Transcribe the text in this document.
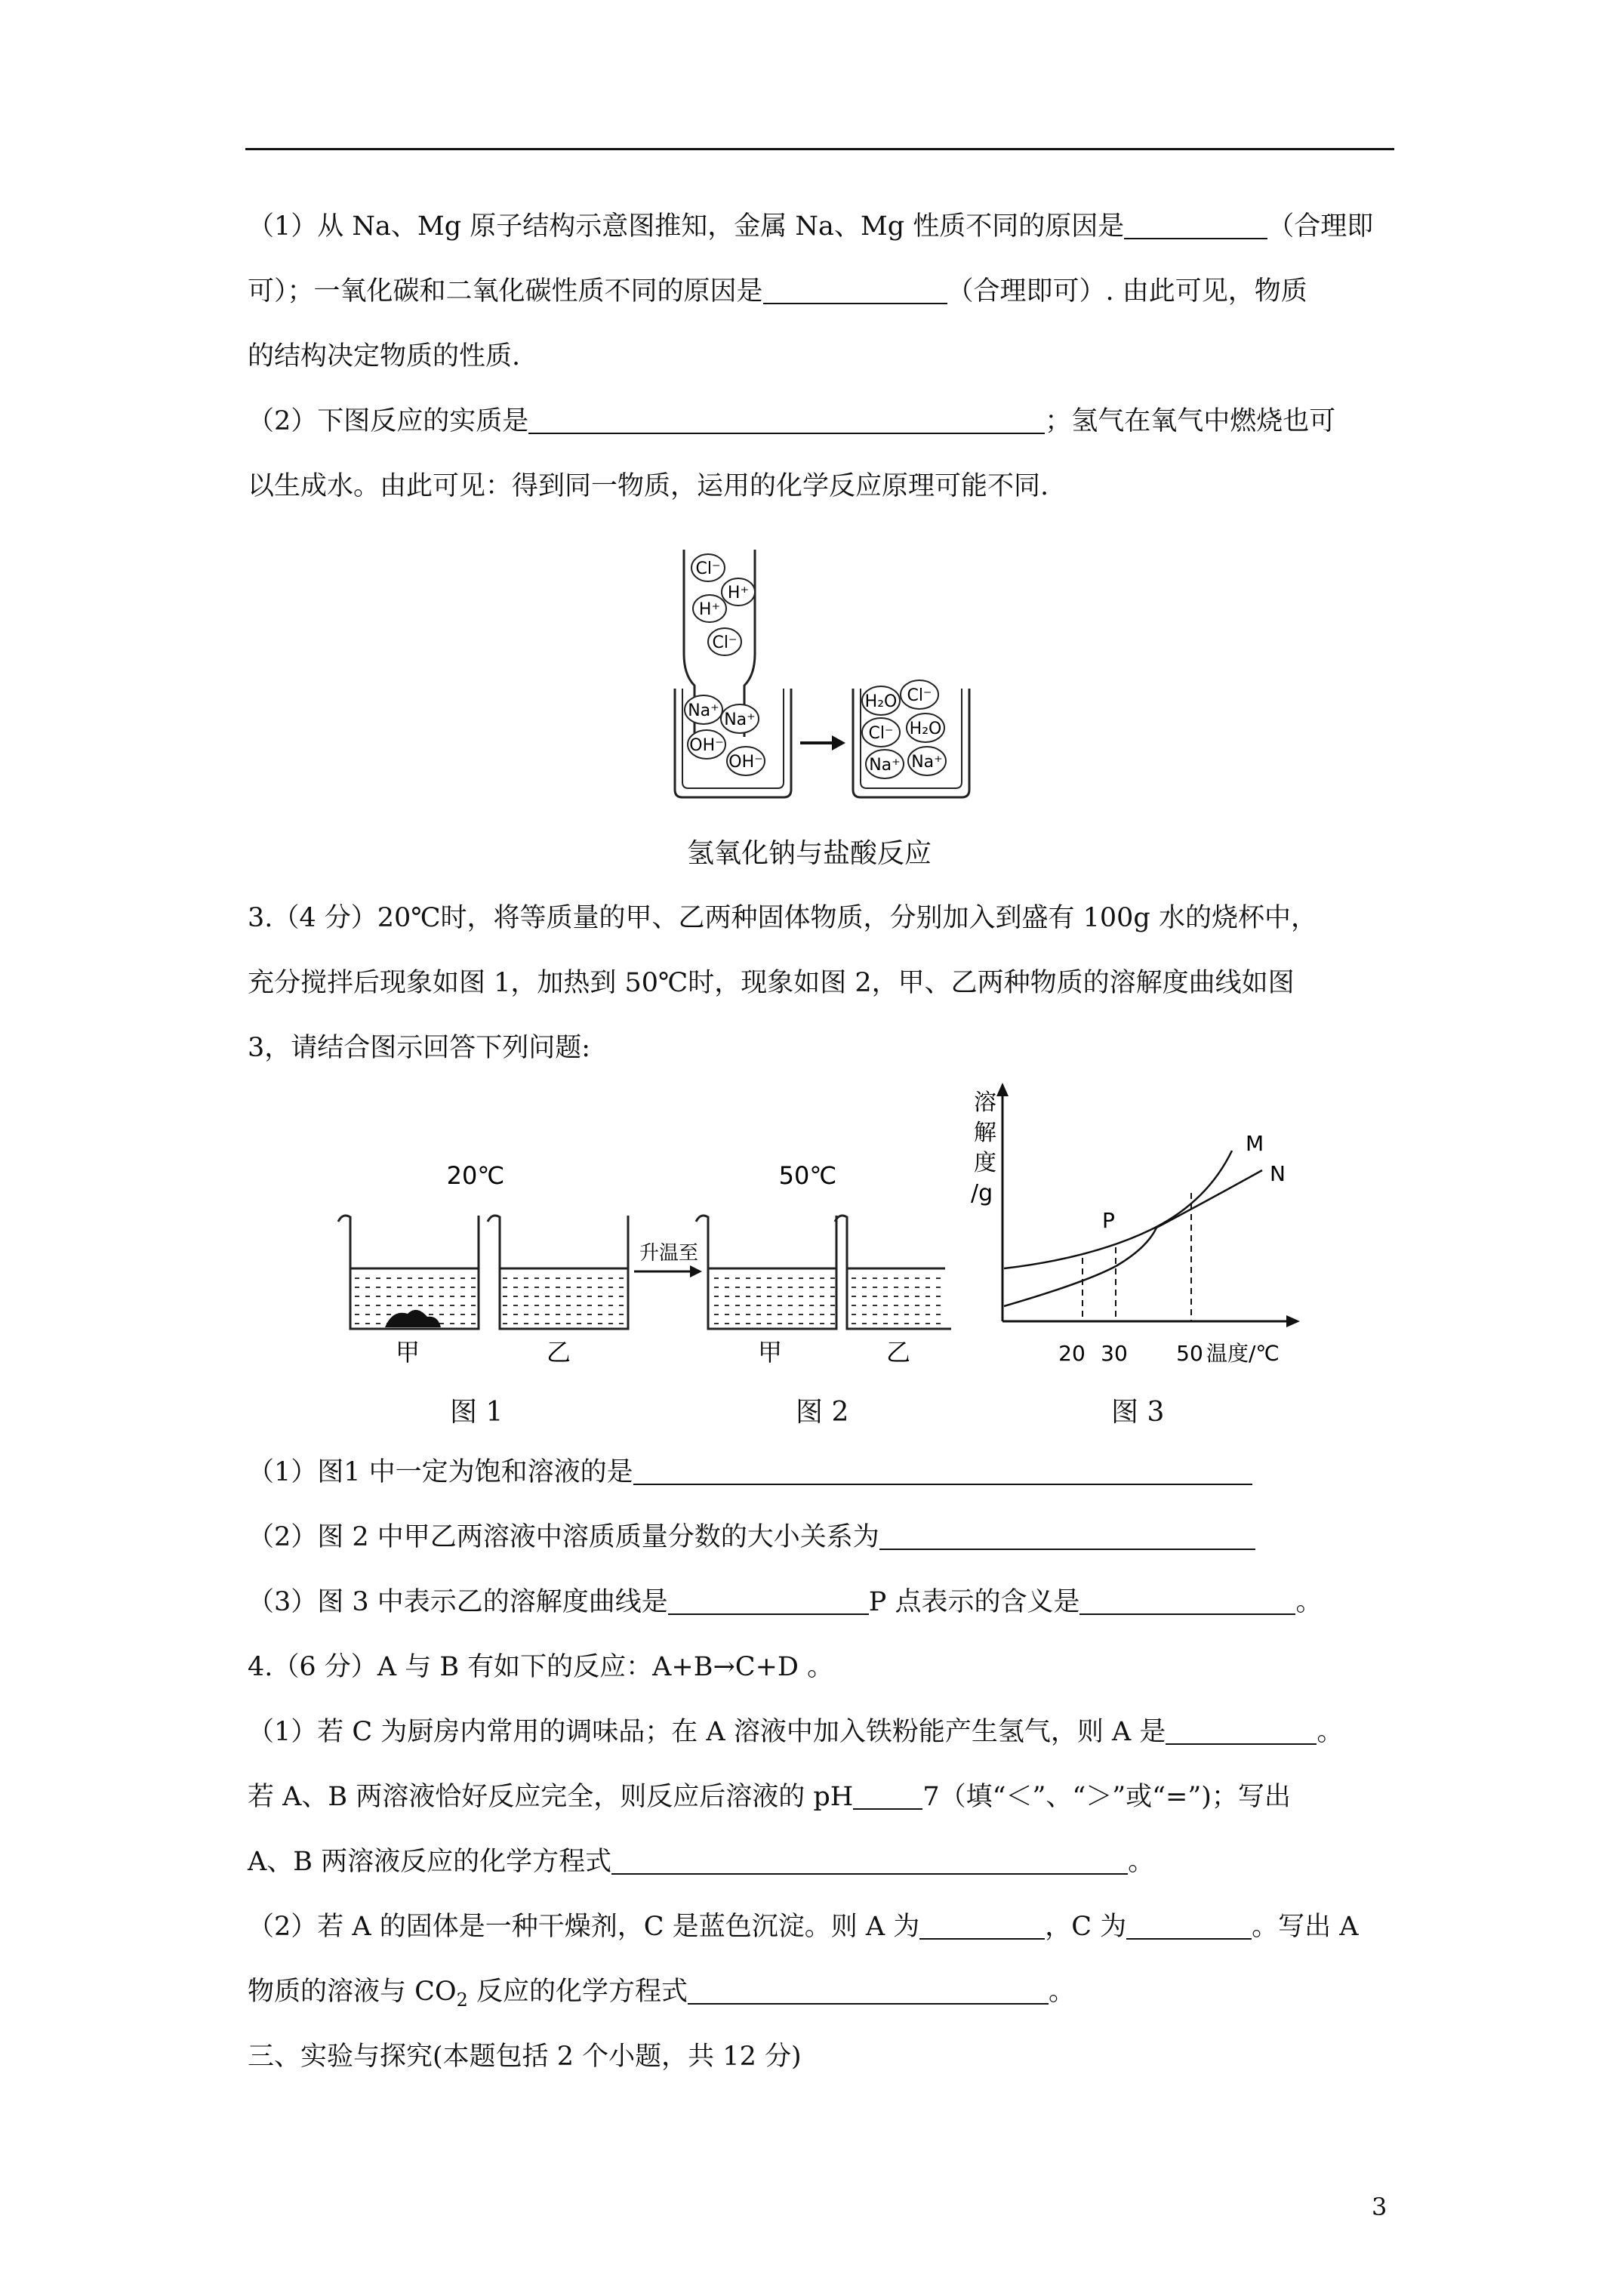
（1）从 Na、Mg 原子结构示意图推知，金属 Na、Mg 性质不同的原因是	（合理即
可）；一氧化碳和二氧化碳性质不同的原因是	（合理即可）. 由此可见，物质
的结构决定物质的性质.
（2）下图反应的实质是	；氢气在氧气中燃烧也可
以生成水。由此可见：得到同一物质，运用的化学反应原理可能不同.
Cl⁻
H⁺
H⁺
Cl⁻
Na⁺ Na⁺
OH⁻
OH⁻
H₂O Cl⁻
H₂O
Cl⁻
Na⁺ Na⁺
氢氧化钠与盐酸反应
3.（4 分）20℃时，将等质量的甲、乙两种固体物质，分别加入到盛有 100g 水的烧杯中，
充分搅拌后现象如图 1，加热到 50℃时，现象如图 2，甲、乙两种物质的溶解度曲线如图
3，请结合图示回答下列问题:
20℃	50℃
升温至
甲	乙	甲	乙
溶
解
度
/g
P
M
N
20 30 50 温度/℃
图 1	图 2	图 3
（1）图1 中一定为饱和溶液的是
（2）图 2 中甲乙两溶液中溶质质量分数的大小关系为
（3）图 3 中表示乙的溶解度曲线是	P 点表示的含义是	。
4.（6 分）A 与 B 有如下的反应：A+B→C+D 。
（1）若 C 为厨房内常用的调味品；在 A 溶液中加入铁粉能产生氢气，则 A 是	。
若 A、B 两溶液恰好反应完全，则反应后溶液的 pH	7（填“＜”、“＞”或“=”)；写出
A、B 两溶液反应的化学方程式	。
（2）若 A 的固体是一种干燥剂，C 是蓝色沉淀。则 A 为	，C 为	。写出 A
物质的溶液与 $CO_2$ 反应的化学方程式	。
三、实验与探究(本题包括 2 个小题，共 12 分)
3
